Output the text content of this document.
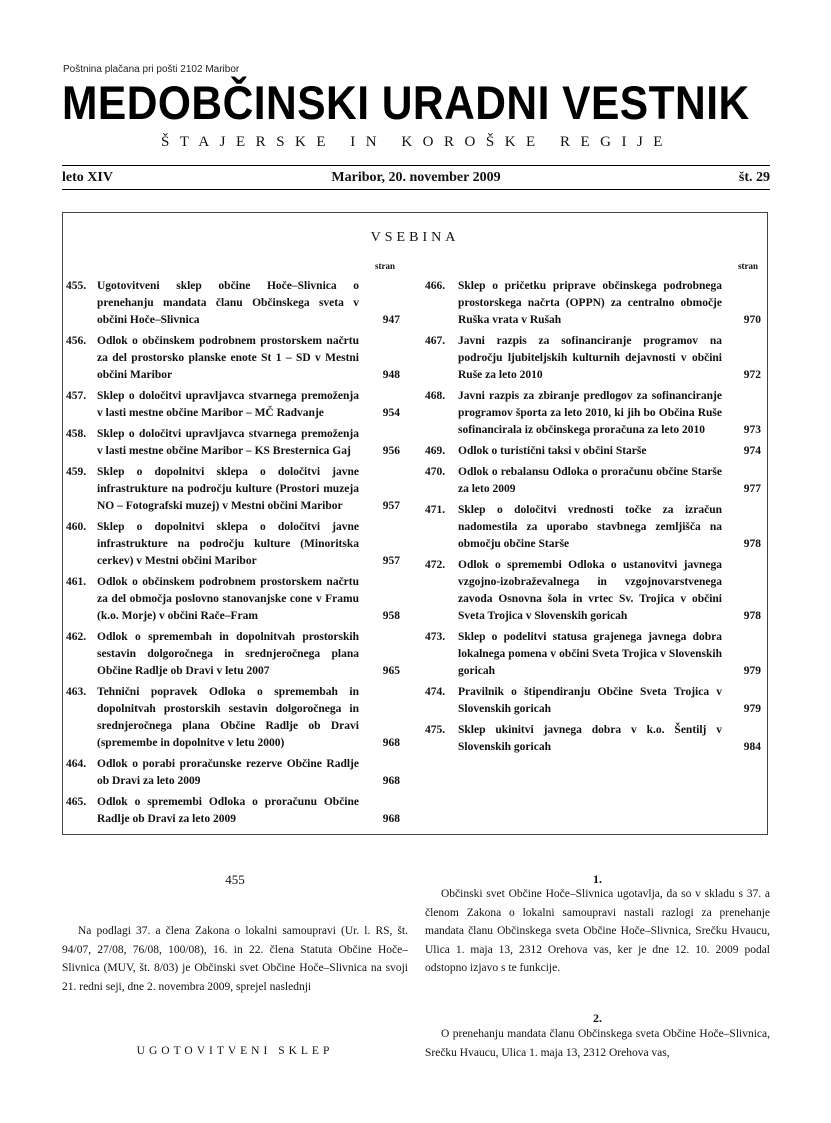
Poštnina plačana pri pošti 2102 Maribor
MEDOBČINSKI URADNI VESTNIK
ŠTAJERSKE IN KOROŠKE REGIJE
leto XIV	Maribor, 20. november 2009	št. 29
VSEBINA
stran	stran
455. Ugotovitveni sklep občine Hoče–Slivnica o prenehanju mandata članu Občinskega sveta v občini Hoče–Slivnica	947
456. Odlok o občinskem podrobnem prostorskem načrtu za del prostorsko planske enote St 1 – SD v Mestni občini Maribor	948
457. Sklep o določitvi upravljavca stvarnega premoženja v lasti mestne občine Maribor – MČ Radvanje	954
458. Sklep o določitvi upravljavca stvarnega premoženja v lasti mestne občine Maribor – KS Bresternica Gaj	956
459. Sklep o dopolnitvi sklepa o določitvi javne infrastrukture na področju kulture (Prostori muzeja NO – Fotografski muzej) v Mestni občini Maribor	957
460. Sklep o dopolnitvi sklepa o določitvi javne infrastrukture na področju kulture (Minoritska cerkev) v Mestni občini Maribor	957
461. Odlok o občinskem podrobnem prostorskem načrtu za del območja poslovno stanovanjske cone v Framu (k.o. Morje) v občini Rače–Fram	958
462. Odlok o spremembah in dopolnitvah prostorskih sestavin dolgoročnega in srednjeročnega plana Občine Radlje ob Dravi v letu 2007	965
463. Tehnični popravek Odloka o spremembah in dopolnitvah prostorskih sestavin dolgoročnega in srednjeročnega plana Občine Radlje ob Dravi (spremembe in dopolnitve v letu 2000)	968
464. Odlok o porabi proračunske rezerve Občine Radlje ob Dravi za leto 2009	968
465. Odlok o spremembi Odloka o proračunu Občine Radlje ob Dravi za leto 2009	968
466. Sklep o pričetku priprave občinskega podrobnega prostorskega načrta (OPPN) za centralno območje Ruška vrata v Rušah	970
467. Javni razpis za sofinanciranje programov na področju ljubiteljskih kulturnih dejavnosti v občini Ruše za leto 2010	972
468. Javni razpis za zbiranje predlogov za sofinanciranje programov športa za leto 2010, ki jih bo Občina Ruše sofinancirala iz občinskega proračuna za leto 2010	973
469. Odlok o turistični taksi v občini Starše	974
470. Odlok o rebalansu Odloka o proračunu občine Starše za leto 2009	977
471. Sklep o določitvi vrednosti točke za izračun nadomestila za uporabo stavbnega zemljišča na območju občine Starše	978
472. Odlok o spremembi Odloka o ustanovitvi javnega vzgojno-izobraževalnega in vzgojnovarstvenega zavoda Osnovna šola in vrtec Sv. Trojica v občini Sveta Trojica v Slovenskih goricah	978
473. Sklep o podelitvi statusa grajenega javnega dobra lokalnega pomena v občini Sveta Trojica v Slovenskih goricah	979
474. Pravilnik o štipendiranju Občine Sveta Trojica v Slovenskih goricah	979
475. Sklep ukinitvi javnega dobra v k.o. Šentilj v Slovenskih goricah	984
455
Na podlagi 37. a člena Zakona o lokalni samoupravi (Ur. l. RS, št. 94/07, 27/08, 76/08, 100/08), 16. in 22. člena Statuta Občine Hoče–Slivnica (MUV, št. 8/03) je Občinski svet Občine Hoče–Slivnica na svoji 21. redni seji, dne 2. novembra 2009, sprejel naslednji
UGOTOVITVENI SKLEP
1.
Občinski svet Občine Hoče–Slivnica ugotavlja, da so v skladu s 37. a členom Zakona o lokalni samoupravi nastali razlogi za prenehanje mandata članu Občinskega sveta Občine Hoče–Slivnica, Srečku Hvaucu, Ulica 1. maja 13, 2312 Orehova vas, ker je dne 12. 10. 2009 podal odstopno izjavo s te funkcije.
2.
O prenehanju mandata članu Občinskega sveta Občine Hoče–Slivnica, Srečku Hvaucu, Ulica 1. maja 13, 2312 Orehova vas,
